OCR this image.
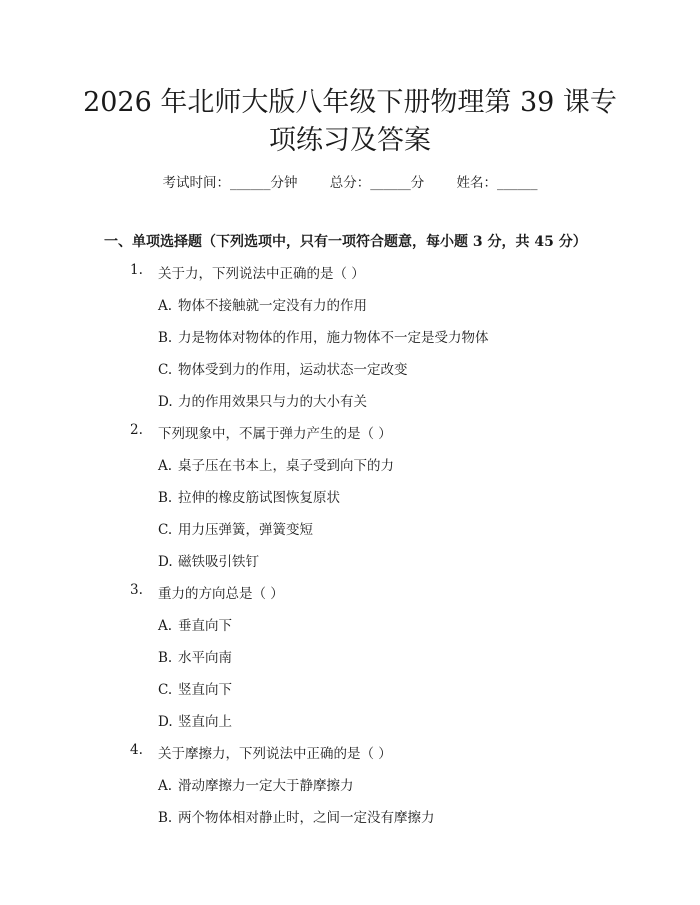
2026 年北师大版八年级下册物理第 39 课专
项练习及答案
考试时间：______分钟 总分：______分 姓名：______
一、单项选择题（下列选项中，只有一项符合题意，每小题 3 分，共 45 分）
1. 关于力，下列说法中正确的是（ ）
A. 物体不接触就一定没有力的作用
B. 力是物体对物体的作用，施力物体不一定是受力物体
C. 物体受到力的作用，运动状态一定改变
D. 力的作用效果只与力的大小有关
2. 下列现象中，不属于弹力产生的是（ ）
A. 桌子压在书本上，桌子受到向下的力
B. 拉伸的橡皮筋试图恢复原状
C. 用力压弹簧，弹簧变短
D. 磁铁吸引铁钉
3. 重力的方向总是（ ）
A. 垂直向下
B. 水平向南
C. 竖直向下
D. 竖直向上
4. 关于摩擦力，下列说法中正确的是（ ）
A. 滑动摩擦力一定大于静摩擦力
B. 两个物体相对静止时，之间一定没有摩擦力
